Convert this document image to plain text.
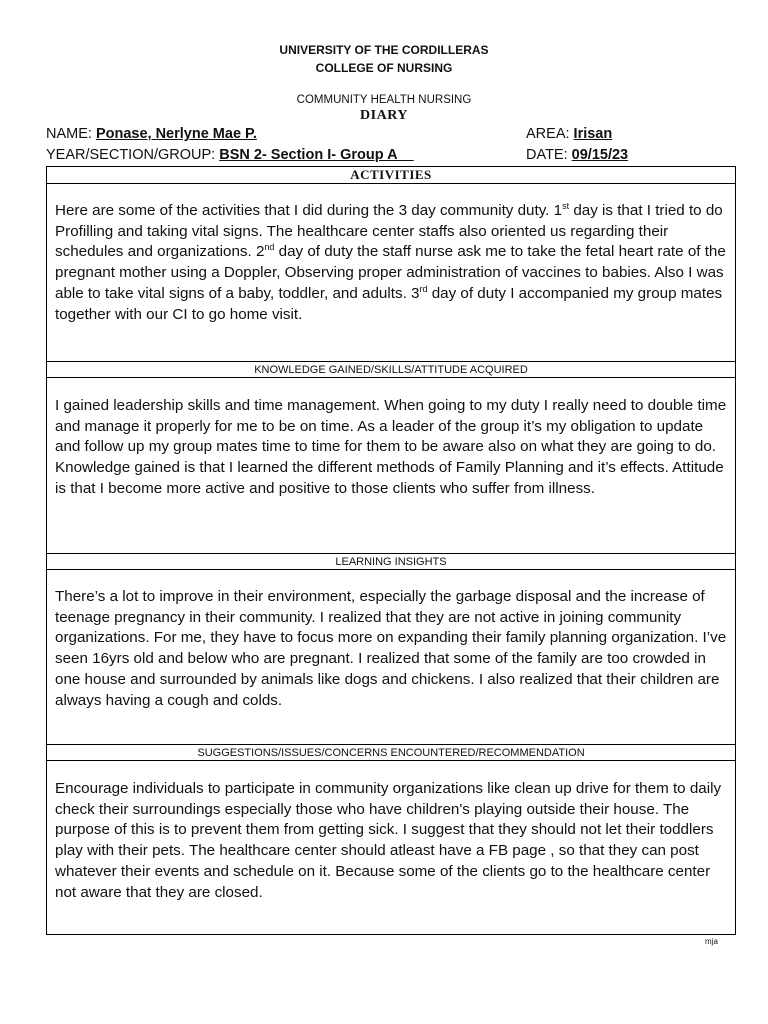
UNIVERSITY OF THE CORDILLERAS
COLLEGE OF NURSING
COMMUNITY HEALTH NURSING
DIARY
NAME: Ponase, Nerlyne Mae P.	AREA: Irisan
YEAR/SECTION/GROUP: BSN 2- Section I- Group A	DATE: 09/15/23
ACTIVITIES

Here are some of the activities that I did during the 3 day community duty. 1st day is that I tried to do Profilling and taking vital signs. The healthcare center staffs also oriented us regarding their schedules and organizations. 2nd day of duty the staff nurse ask me to take the fetal heart rate of the pregnant mother using a Doppler, Observing proper administration of vaccines to babies. Also I was able to take vital signs of a baby, toddler, and adults. 3rd day of duty I accompanied my group mates together with our CI to go home visit.

KNOWLEDGE GAINED/SKILLS/ATTITUDE ACQUIRED

I gained leadership skills and time management. When going to my duty I really need to double time and manage it properly for me to be on time. As a leader of the group it’s my obligation to update and follow up my group mates time to time for them to be aware also on what they are going to do. Knowledge gained is that I learned the different methods of Family Planning and it’s effects. Attitude is that I become more active and positive to those clients who suffer from illness.

LEARNING INSIGHTS

There’s a lot to improve in their environment, especially the garbage disposal and the increase of teenage pregnancy in their community. I realized that they are not active in joining community organizations. For me, they have to focus more on expanding their family planning organization. I’ve seen 16yrs old and below who are pregnant. I realized that some of the family are too crowded in one house and surrounded by animals like dogs and chickens. I also realized that their children are always having a cough and colds.

SUGGESTIONS/ISSUES/CONCERNS ENCOUNTERED/RECOMMENDATION

Encourage individuals to participate in community organizations like clean up drive for them to daily check their surroundings especially those who have children's playing outside their house. The purpose of this is to prevent them from getting sick. I suggest that they should not let their toddlers play with their pets. The healthcare center should atleast have a FB page , so that they can post whatever their events and schedule on it. Because some of the clients go to the healthcare center not aware that they are closed.

mja
